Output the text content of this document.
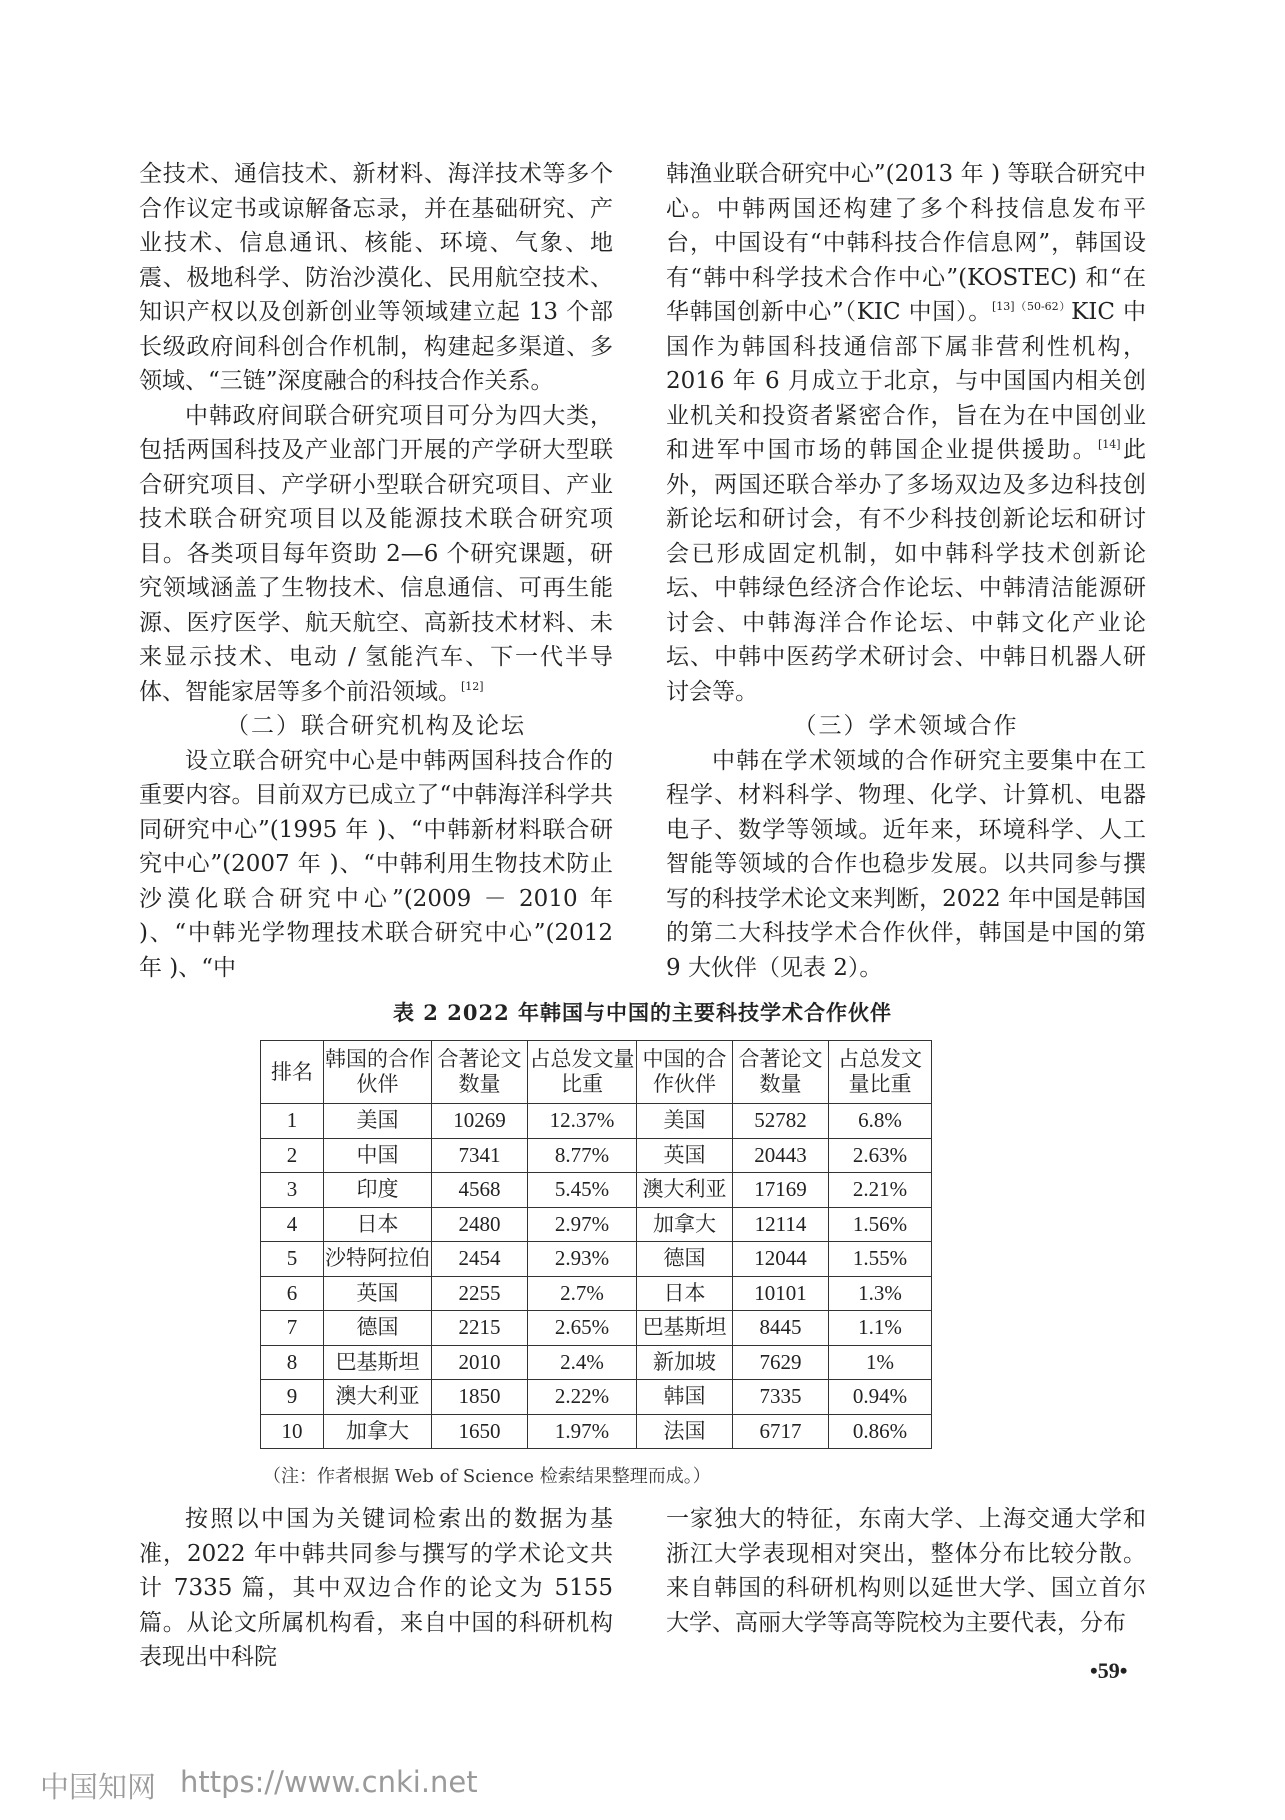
全技术、通信技术、新材料、海洋技术等多个合作议定书或谅解备忘录，并在基础研究、产业技术、信息通讯、核能、环境、气象、地震、极地科学、防治沙漠化、民用航空技术、知识产权以及创新创业等领域建立起 13 个部长级政府间科创合作机制，构建起多渠道、多领域、“三链”深度融合的科技合作关系。

中韩政府间联合研究项目可分为四大类，包括两国科技及产业部门开展的产学研大型联合研究项目、产学研小型联合研究项目、产业技术联合研究项目以及能源技术联合研究项目。各类项目每年资助 2—6 个研究课题，研究领域涵盖了生物技术、信息通信、可再生能源、医疗医学、航天航空、高新技术材料、未来显示技术、电动 / 氢能汽车、下一代半导体、智能家居等多个前沿领域。[12]

（二）联合研究机构及论坛

设立联合研究中心是中韩两国科技合作的重要内容。目前双方已成立了“中韩海洋科学共同研究中心”(1995 年 )、“中韩新材料联合研究中心”(2007 年 )、“中韩利用生物技术防止沙漠化联合研究中心”(2009 － 2010 年 )、“中韩光学物理技术联合研究中心”(2012 年 )、“中

韩渔业联合研究中心”(2013 年 ) 等联合研究中心。中韩两国还构建了多个科技信息发布平台，中国设有“中韩科技合作信息网”，韩国设有“韩中科学技术合作中心”(KOSTEC) 和“在华韩国创新中心”（KIC 中国）。$^{[13](50-62)}$KIC 中国作为韩国科技通信部下属非营利性机构，2016 年 6 月成立于北京，与中国国内相关创业机关和投资者紧密合作，旨在为在中国创业和进军中国市场的韩国企业提供援助。[14]此外，两国还联合举办了多场双边及多边科技创新论坛和研讨会，有不少科技创新论坛和研讨会已形成固定机制，如中韩科学技术创新论坛、中韩绿色经济合作论坛、中韩清洁能源研讨会、中韩海洋合作论坛、中韩文化产业论坛、中韩中医药学术研讨会、中韩日机器人研讨会等。

（三）学术领域合作

中韩在学术领域的合作研究主要集中在工程学、材料科学、物理、化学、计算机、电器电子、数学等领域。近年来，环境科学、人工智能等领域的合作也稳步发展。以共同参与撰写的科技学术论文来判断，2022 年中国是韩国的第二大科技学术合作伙伴，韩国是中国的第 9 大伙伴（见表 2）。

表 2 2022 年韩国与中国的主要科技学术合作伙伴
排名	韩国的合作伙伴	合著论文数量	占总发文量比重	中国的合作伙伴	合著论文数量	占总发文量比重
1	美国	10269	12.37%	美国	52782	6.8%
2	中国	7341	8.77%	英国	20443	2.63%
3	印度	4568	5.45%	澳大利亚	17169	2.21%
4	日本	2480	2.97%	加拿大	12114	1.56%
5	沙特阿拉伯	2454	2.93%	德国	12044	1.55%
6	英国	2255	2.7%	日本	10101	1.3%
7	德国	2215	2.65%	巴基斯坦	8445	1.1%
8	巴基斯坦	2010	2.4%	新加坡	7629	1%
9	澳大利亚	1850	2.22%	韩国	7335	0.94%
10	加拿大	1650	1.97%	法国	6717	0.86%
（注：作者根据 Web of Science 检索结果整理而成。）

按照以中国为关键词检索出的数据为基准，2022 年中韩共同参与撰写的学术论文共计 7335 篇，其中双边合作的论文为 5155 篇。从论文所属机构看，来自中国的科研机构表现出中科院

一家独大的特征，东南大学、上海交通大学和浙江大学表现相对突出，整体分布比较分散。来自韩国的科研机构则以延世大学、国立首尔大学、高丽大学等高等院校为主要代表，分布

•59•
中国知网 https://www.cnki.net
